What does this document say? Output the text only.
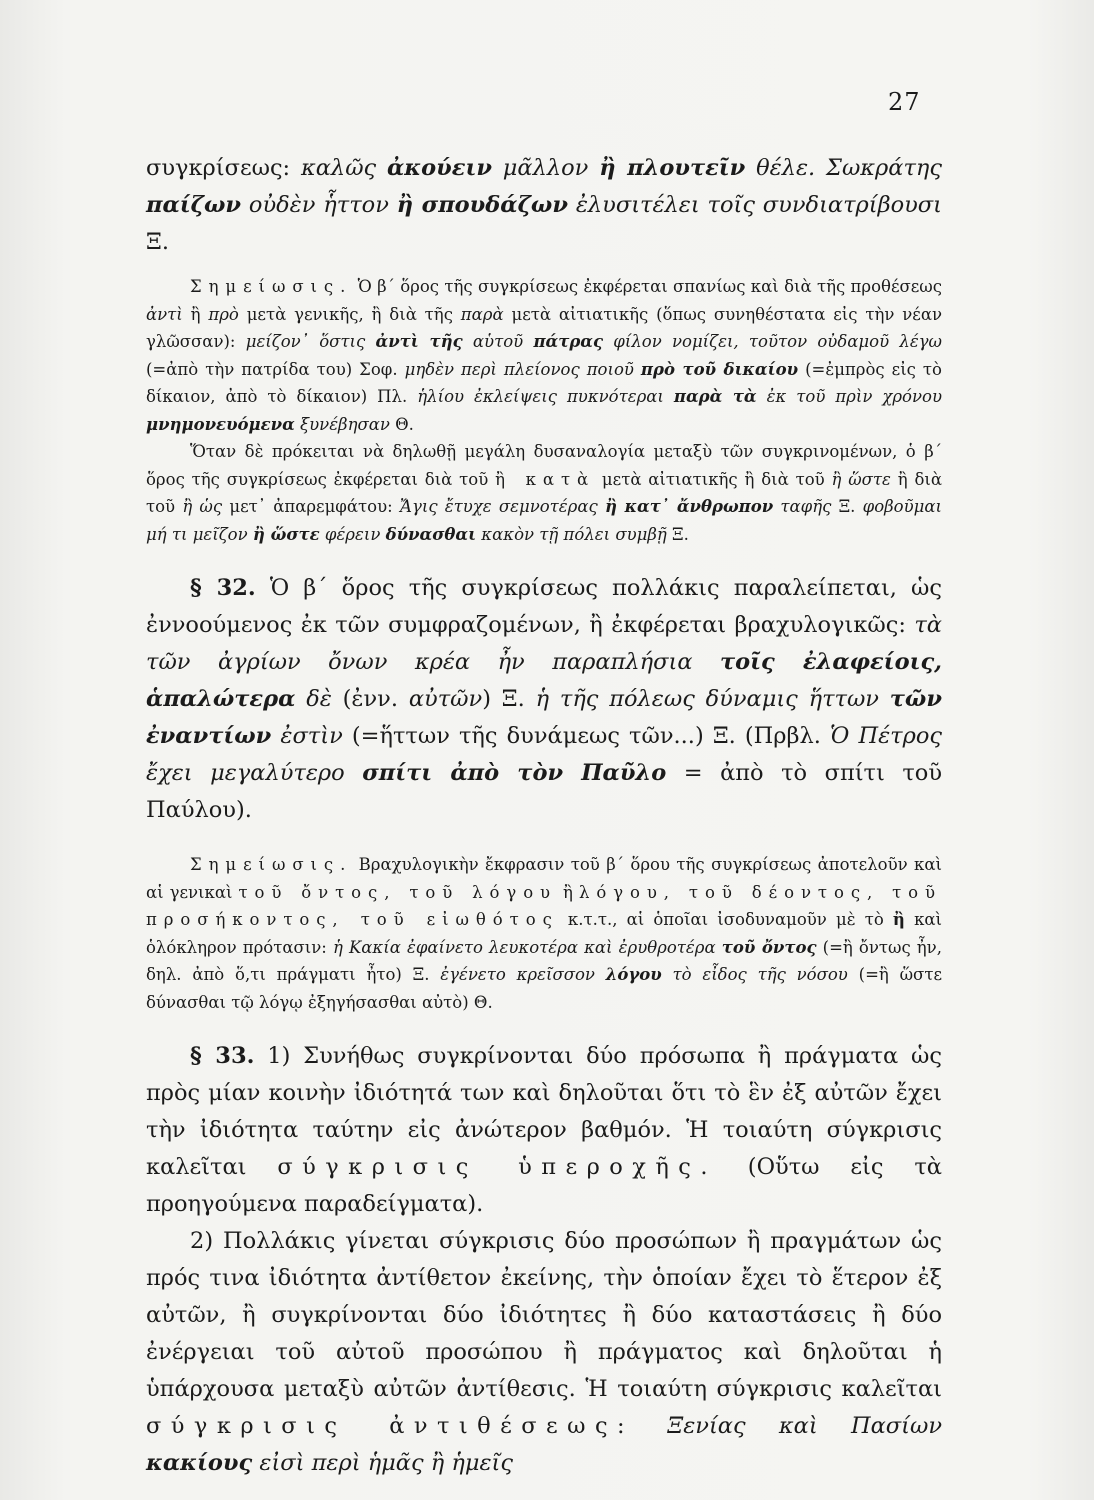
27

συγκρίσεως: καλῶς ἀκούειν μᾶλλον ἢ πλουτεῖν θέλε. Σωκράτης παίζων οὐδὲν ἧττον ἢ σπουδάζων ἐλυσιτέλει τοῖς συνδιατρίβουσι Ξ.

Σημείωσις. Ὁ β΄ ὅρος τῆς συγκρίσεως ἐκφέρεται σπανίως καὶ διὰ τῆς προθέσεως ἀντὶ ἢ πρὸ μετὰ γενικῆς, ἢ διὰ τῆς παρὰ μετὰ αἰτιατικῆς (ὅπως συνηθέστατα εἰς τὴν νέαν γλῶσσαν): μείζον᾽ ὅστις ἀντὶ τῆς αὑτοῦ πάτρας φίλον νομίζει, τοῦτον οὐδαμοῦ λέγω (=ἀπὸ τὴν πατρίδα του) Σοφ. μηδὲν περὶ πλείονος ποιοῦ πρὸ τοῦ δικαίου (=ἐμπρὸς εἰς τὸ δίκαιον, ἀπὸ τὸ δίκαιον) Πλ. ἡλίου ἐκλείψεις πυκνότεραι παρὰ τὰ ἐκ τοῦ πρὶν χρόνου μνημονευόμενα ξυνέβησαν Θ.

Ὅταν δὲ πρόκειται νὰ δηλωθῇ μεγάλη δυσαναλογία μεταξὺ τῶν συγκρινομένων, ὁ β΄ ὅρος τῆς συγκρίσεως ἐκφέρεται διὰ τοῦ ἢ κατὰ μετὰ αἰτιατικῆς ἢ διὰ τοῦ ἢ ὥστε ἢ διὰ τοῦ ἢ ὡς μετ᾽ ἀπαρεμφάτου: Ἄγις ἔτυχε σεμνοτέρας ἢ κατ᾽ ἄνθρωπον ταφῆς Ξ. φοβοῦμαι μή τι μεῖζον ἢ ὥστε φέρειν δύνασθαι κακὸν τῇ πόλει συμβῇ Ξ.

§ 32. Ὁ β΄ ὅρος τῆς συγκρίσεως πολλάκις παραλείπεται, ὡς ἐννοούμενος ἐκ τῶν συμφραζομένων, ἢ ἐκφέρεται βραχυλογικῶς: τὰ τῶν ἀγρίων ὄνων κρέα ἦν παραπλήσια τοῖς ἐλαφείοις, ἁπαλώτερα δὲ (ἐνν. αὐτῶν) Ξ. ἡ τῆς πόλεως δύναμις ἥττων τῶν ἐναντίων ἐστὶν (=ἥττων τῆς δυνάμεως τῶν...) Ξ. (Πρβλ. Ὁ Πέτρος ἔχει μεγαλύτερο σπίτι ἀπὸ τὸν Παῦλο = ἀπὸ τὸ σπίτι τοῦ Παύλου).

Σημείωσις. Βραχυλογικὴν ἔκφρασιν τοῦ β΄ ὅρου τῆς συγκρίσεως ἀποτελοῦν καὶ αἱ γενικαὶ τοῦ ὄντος, τοῦ λόγου ἢ λόγου, τοῦ δέοντος, τοῦ προσήκοντος, τοῦ εἰωθότος κ.τ.τ., αἱ ὁποῖαι ἰσοδυναμοῦν μὲ τὸ ἢ καὶ ὁλόκληρον πρότασιν: ἡ Κακία ἐφαίνετο λευκοτέρα καὶ ἐρυθροτέρα τοῦ ὄντος (=ἢ ὄντως ἦν, δηλ. ἀπὸ ὅ,τι πράγματι ἦτο) Ξ. ἐγένετο κρεῖσσον λόγου τὸ εἶδος τῆς νόσου (=ἢ ὥστε δύνασθαι τῷ λόγῳ ἐξηγήσασθαι αὐτὸ) Θ.

§ 33. 1) Συνήθως συγκρίνονται δύο πρόσωπα ἢ πράγματα ὡς πρὸς μίαν κοινὴν ἰδιότητά των καὶ δηλοῦται ὅτι τὸ ἓν ἐξ αὐτῶν ἔχει τὴν ἰδιότητα ταύτην εἰς ἀνώτερον βαθμόν. Ἡ τοιαύτη σύγκρισις καλεῖται σύγκρισις ὑπεροχῆς. (Οὕτω εἰς τὰ προηγούμενα παραδείγματα).

2) Πολλάκις γίνεται σύγκρισις δύο προσώπων ἢ πραγμάτων ὡς πρός τινα ἰδιότητα ἀντίθετον ἐκείνης, τὴν ὁποίαν ἔχει τὸ ἕτερον ἐξ αὐτῶν, ἢ συγκρίνονται δύο ἰδιότητες ἢ δύο καταστάσεις ἢ δύο ἐνέργειαι τοῦ αὐτοῦ προσώπου ἢ πράγματος καὶ δηλοῦται ἡ ὑπάρχουσα μεταξὺ αὐτῶν ἀντίθεσις. Ἡ τοιαύτη σύγκρισις καλεῖται σύγκρισις ἀντιθέσεως: Ξενίας καὶ Πασίων κακίους εἰσὶ περὶ ἡμᾶς ἢ ἡμεῖς
